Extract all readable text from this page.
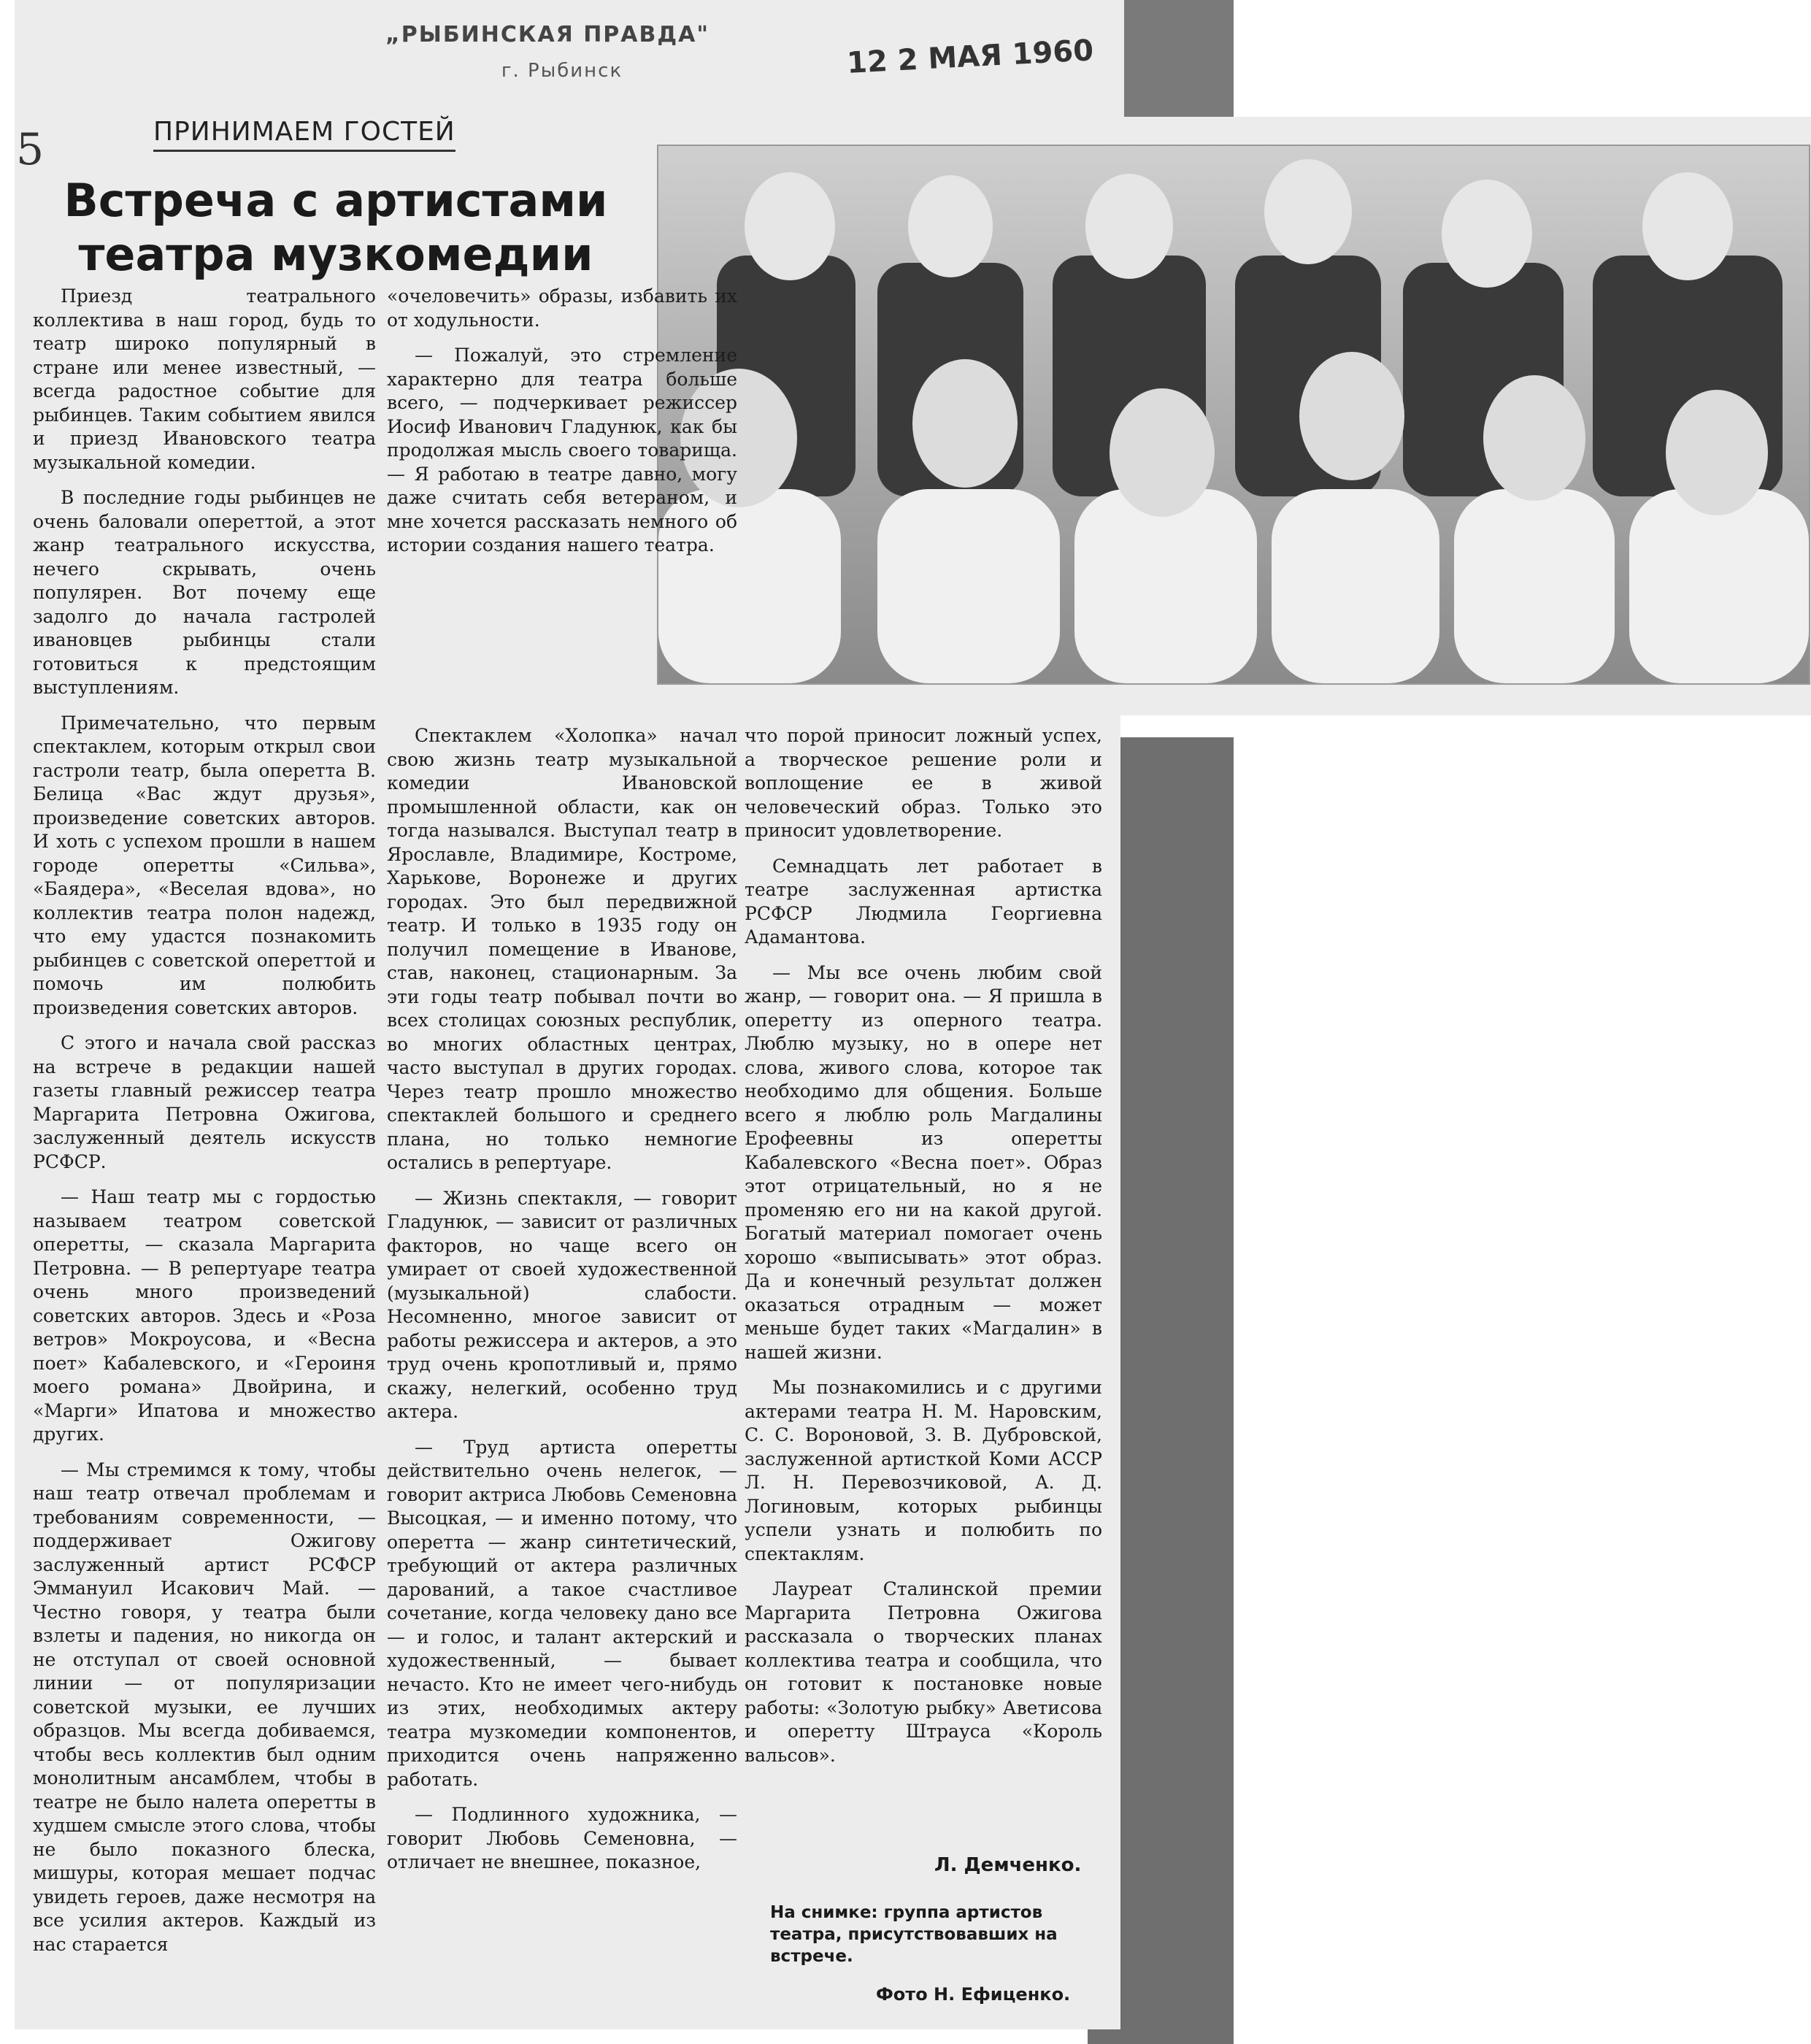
„РЫБИНСКАЯ ПРАВДА"
г. Рыбинск	12 2 МАЯ 1960
5	ПРИНИМАЕМ ГОСТЕЙ
Встреча с артистами
театра музкомедии

Приезд театрального коллектива в наш город, будь то театр широко популярный в стране или менее известный, — всегда радостное событие для рыбинцев. Таким событием явился и приезд Ивановского театра музыкальной комедии.

В последние годы рыбинцев не очень баловали опереттой, а этот жанр театрального искусства, нечего скрывать, очень популярен. Вот почему еще задолго до начала гастролей ивановцев рыбинцы стали готовиться к предстоящим выступлениям.

Примечательно, что первым спектаклем, которым открыл свои гастроли театр, была оперетта В. Белица «Вас ждут друзья», произведение советских авторов. И хоть с успехом прошли в нашем городе оперетты «Сильва», «Баядера», «Веселая вдова», но коллектив театра полон надежд, что ему удастся познакомить рыбинцев с советской опереттой и помочь им полюбить произведения советских авторов.

С этого и начала свой рассказ на встрече в редакции нашей газеты главный режиссер театра Маргарита Петровна Ожигова, заслуженный деятель искусств РСФСР.

— Наш театр мы с гордостью называем театром советской оперетты, — сказала Маргарита Петровна. — В репертуаре театра очень много произведений советских авторов. Здесь и «Роза ветров» Мокроусова, и «Весна поет» Кабалевского, и «Героиня моего романа» Двойрина, и «Марги» Ипатова и множество других.

— Мы стремимся к тому, чтобы наш театр отвечал проблемам и требованиям современности, — поддерживает Ожигову заслуженный артист РСФСР Эммануил Исакович Май. — Честно говоря, у театра были взлеты и падения, но никогда он не отступал от своей основной линии — от популяризации советской музыки, ее лучших образцов. Мы всегда добиваемся, чтобы весь коллектив был одним монолитным ансамблем, чтобы в театре не было налета оперетты в худшем смысле этого слова, чтобы не было показного блеска, мишуры, которая мешает подчас увидеть героев, даже несмотря на все усилия актеров. Каждый из нас старается

«очеловечить» образы, избавить их от ходульности.

— Пожалуй, это стремление характерно для театра больше всего, — подчеркивает режиссер Иосиф Иванович Гладунюк, как бы продолжая мысль своего товарища. — Я работаю в театре давно, могу даже считать себя ветераном, и мне хочется рассказать немного об истории создания нашего театра.

Спектаклем «Холопка» начал свою жизнь театр музыкальной комедии Ивановской промышленной области, как он тогда назывался. Выступал театр в Ярославле, Владимире, Костроме, Харькове, Воронеже и других городах. Это был передвижной театр. И только в 1935 году он получил помещение в Иванове, став, наконец, стационарным. За эти годы театр побывал почти во всех столицах союзных республик, во многих областных центрах, часто выступал в других городах. Через театр прошло множество спектаклей большого и среднего плана, но только немногие остались в репертуаре.

— Жизнь спектакля, — говорит Гладунюк, — зависит от различных факторов, но чаще всего он умирает от своей художественной (музыкальной) слабости. Несомненно, многое зависит от работы режиссера и актеров, а это труд очень кропотливый и, прямо скажу, нелегкий, особенно труд актера.

— Труд артиста оперетты действительно очень нелегок, — говорит актриса Любовь Семеновна Высоцкая, — и именно потому, что оперетта — жанр синтетический, требующий от актера различных дарований, а такое счастливое сочетание, когда человеку дано все — и голос, и талант актерский и художественный, — бывает нечасто. Кто не имеет чего-нибудь из этих, необходимых актеру театра музкомедии компонентов, приходится очень напряженно работать.

— Подлинного художника, — говорит Любовь Семеновна, — отличает не внешнее, показное,

что порой приносит ложный успех, а творческое решение роли и воплощение ее в живой человеческий образ. Только это приносит удовлетворение.

Семнадцать лет работает в театре заслуженная артистка РСФСР Людмила Георгиевна Адамантова.

— Мы все очень любим свой жанр, — говорит она. — Я пришла в оперетту из оперного театра. Люблю музыку, но в опере нет слова, живого слова, которое так необходимо для общения. Больше всего я люблю роль Магдалины Ерофеевны из оперетты Кабалевского «Весна поет». Образ этот отрицательный, но я не променяю его ни на какой другой. Богатый материал помогает очень хорошо «выписывать» этот образ. Да и конечный результат должен оказаться отрадным — может меньше будет таких «Магдалин» в нашей жизни.

Мы познакомились и с другими актерами театра Н. М. Наровским, С. С. Вороновой, З. В. Дубровской, заслуженной артисткой Коми АССР Л. Н. Перевозчиковой, А. Д. Логиновым, которых рыбинцы успели узнать и полюбить по спектаклям.

Лауреат Сталинской премии Маргарита Петровна Ожигова рассказала о творческих планах коллектива театра и сообщила, что он готовит к постановке новые работы: «Золотую рыбку» Аветисова и оперетту Штрауса «Король вальсов».

Л. Демченко.
На снимке: группа артистов театра, присутствовавших на встрече.
Фото Н. Ефиценко.
